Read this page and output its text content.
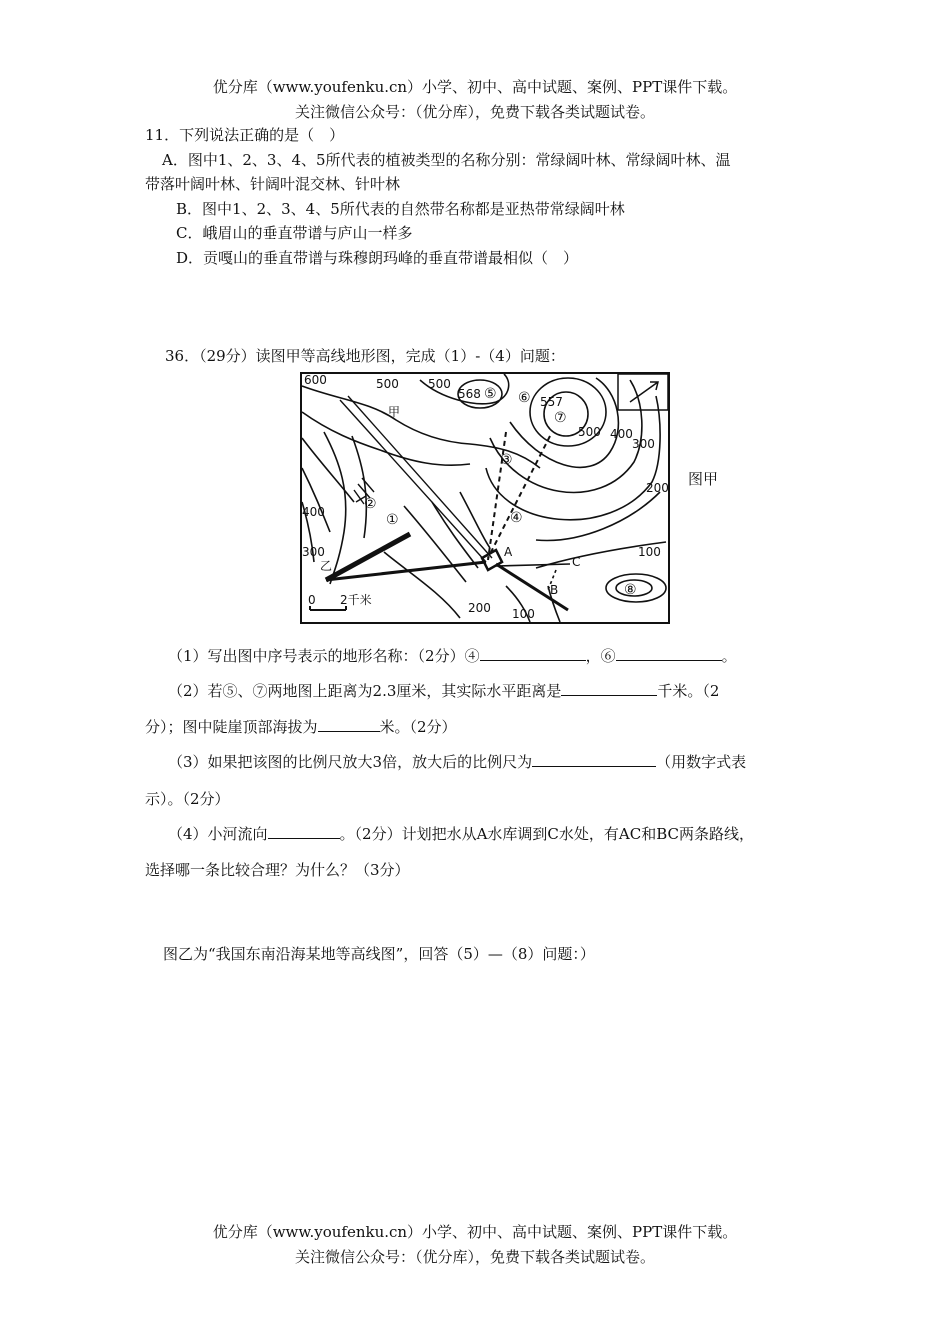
优分库（www.youfenku.cn）小学、初中、高中试题、案例、PPT课件下载。
关注微信公众号：（优分库），免费下载各类试题试卷。
11．下列说法正确的是（　）
A．图中1、2、3、4、5所代表的植被类型的名称分别：常绿阔叶林、常绿阔叶林、温
带落叶阔叶林、针阔叶混交林、针叶林
B．图中1、2、3、4、5所代表的自然带名称都是亚热带常绿阔叶林
C．峨眉山的垂直带谱与庐山一样多
D．贡嘎山的垂直带谱与珠穆朗玛峰的垂直带谱最相似（　）
36．（29分）读图甲等高线地形图，完成（1）-（4）问题：
600	500 500
568 ⑤ ⑥ 557
⑦
500 400
300
200
甲
③
②
①	④
400
300
乙
A
B
C
100
⑧
200 100
0 2千米
图甲
（1）写出图中序号表示的地形名称：（2分）④	，⑥	。
（2）若⑤、⑦两地图上距离为2.3厘米，其实际水平距离是	千米。（2
分）；图中陡崖顶部海拔为	米。（2分）
（3）如果把该图的比例尺放大3倍，放大后的比例尺为	（用数字式表
示）。（2分）
（4）小河流向	。（2分）计划把水从A水库调到C水处，有AC和BC两条路线，
选择哪一条比较合理？为什么？（3分）
图乙为“我国东南沿海某地等高线图”，回答（5）—（8）问题：）
优分库（www.youfenku.cn）小学、初中、高中试题、案例、PPT课件下载。
关注微信公众号：（优分库），免费下载各类试题试卷。
